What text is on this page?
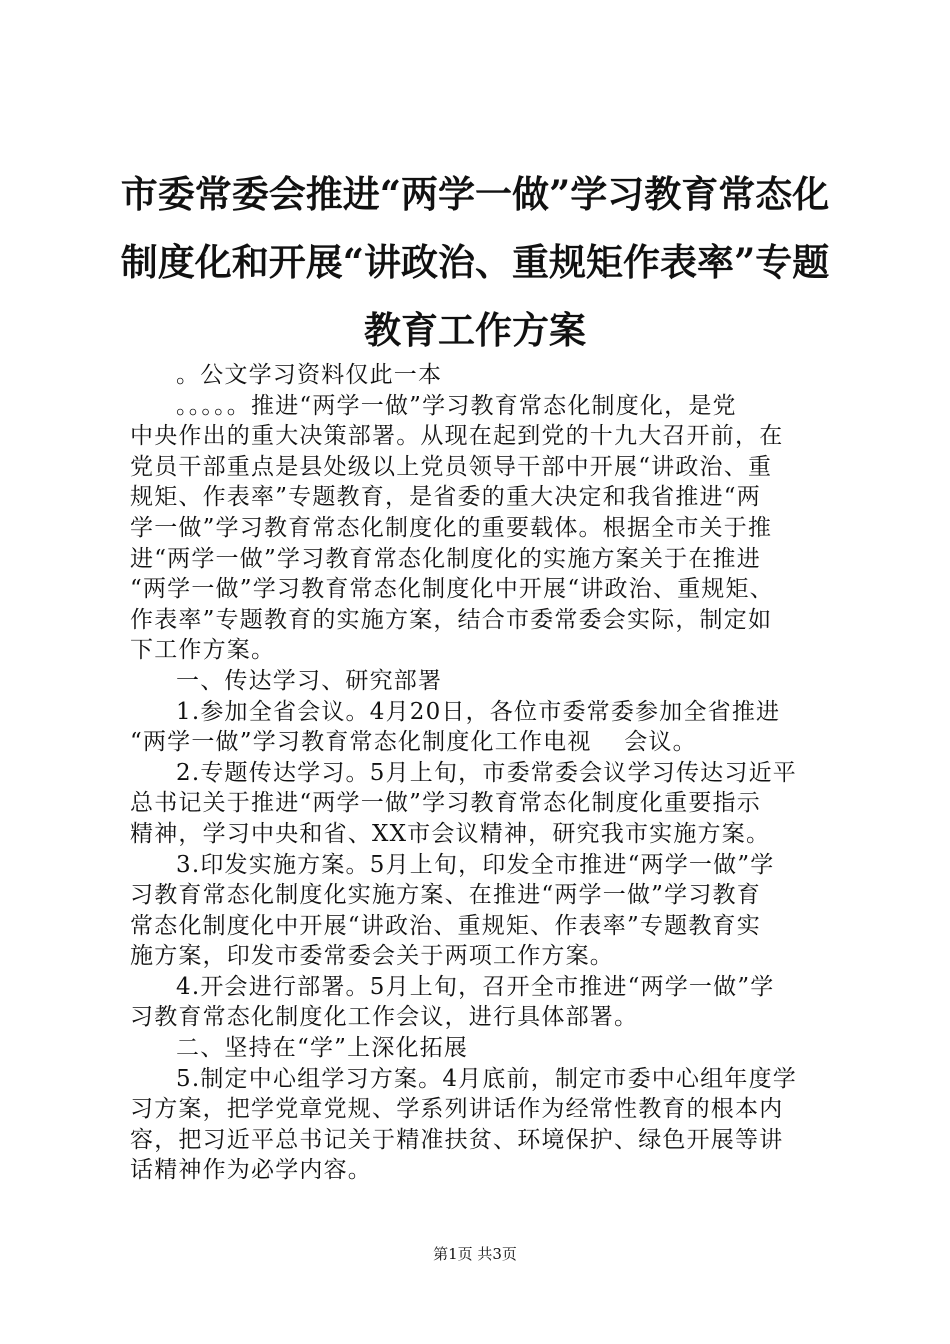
市委常委会推进“两学一做”学习教育常态化
制度化和开展“讲政治、重规矩作表率”专题
教育工作方案
。公文学习资料仅此一本
。。。。。推进“两学一做”学习教育常态化制度化，是党
中央作出的重大决策部署。从现在起到党的十九大召开前，在
党员干部重点是县处级以上党员领导干部中开展“讲政治、重
规矩、作表率”专题教育，是省委的重大决定和我省推进“两
学一做”学习教育常态化制度化的重要载体。根据全市关于推
进“两学一做”学习教育常态化制度化的实施方案关于在推进
“两学一做”学习教育常态化制度化中开展“讲政治、重规矩、
作表率”专题教育的实施方案，结合市委常委会实际，制定如
下工作方案。
一、传达学习、研究部署
1.参加全省会议。4月20日，各位市委常委参加全省推进
“两学一做”学习教育常态化制度化工作电视　 会议。
2.专题传达学习。5月上旬，市委常委会议学习传达习近平
总书记关于推进“两学一做”学习教育常态化制度化重要指示
精神，学习中央和省、XX市会议精神，研究我市实施方案。
3.印发实施方案。5月上旬，印发全市推进“两学一做”学
习教育常态化制度化实施方案、在推进“两学一做”学习教育
常态化制度化中开展“讲政治、重规矩、作表率”专题教育实
施方案，印发市委常委会关于两项工作方案。
4.开会进行部署。5月上旬，召开全市推进“两学一做”学
习教育常态化制度化工作会议，进行具体部署。
二、坚持在“学”上深化拓展
5.制定中心组学习方案。4月底前，制定市委中心组年度学
习方案，把学党章党规、学系列讲话作为经常性教育的根本内
容，把习近平总书记关于精准扶贫、环境保护、绿色开展等讲
话精神作为必学内容。
第1页 共3页
